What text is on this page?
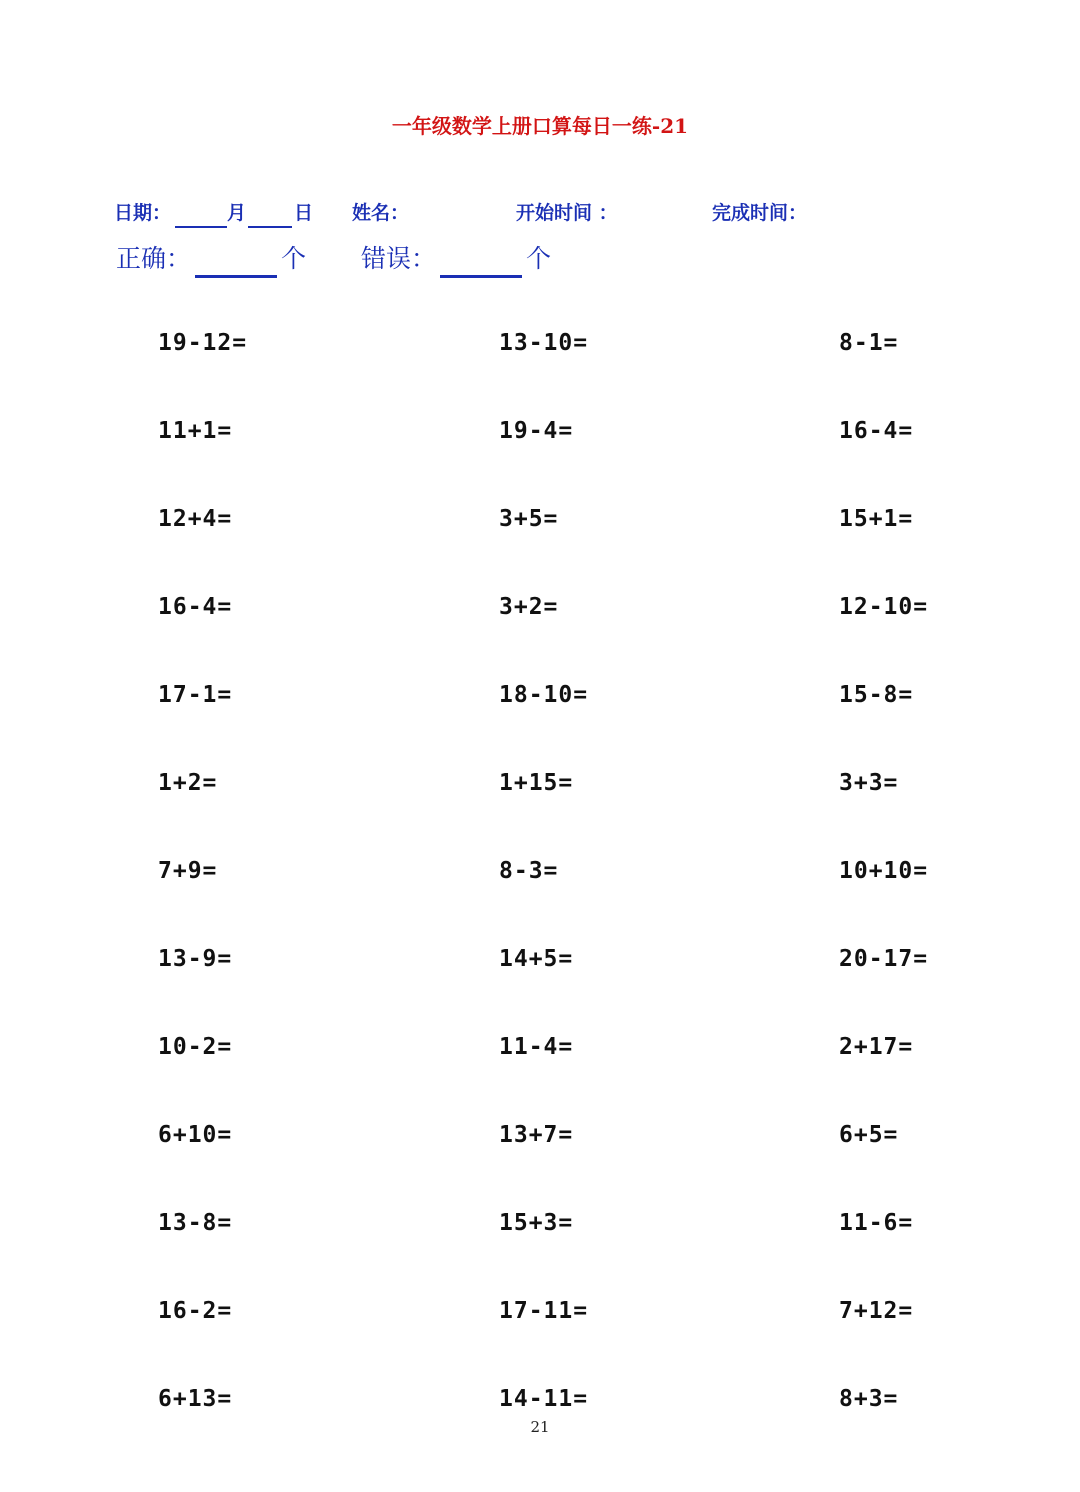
一年级数学上册口算每日一练-21
日期：	月	日 姓名：	开始时间 ：	完成时间：
正确：	个 错误：	个
19-12=	13-10=	8-1=
11+1=	19-4=	16-4=
12+4=	3+5=	15+1=
16-4=	3+2=	12-10=
17-1=	18-10=	15-8=
1+2=	1+15=	3+3=
7+9=	8-3=	10+10=
13-9=	14+5=	20-17=
10-2=	11-4=	2+17=
6+10=	13+7=	6+5=
13-8=	15+3=	11-6=
16-2=	17-11=	7+12=
6+13=	14-11=	8+3=
21
